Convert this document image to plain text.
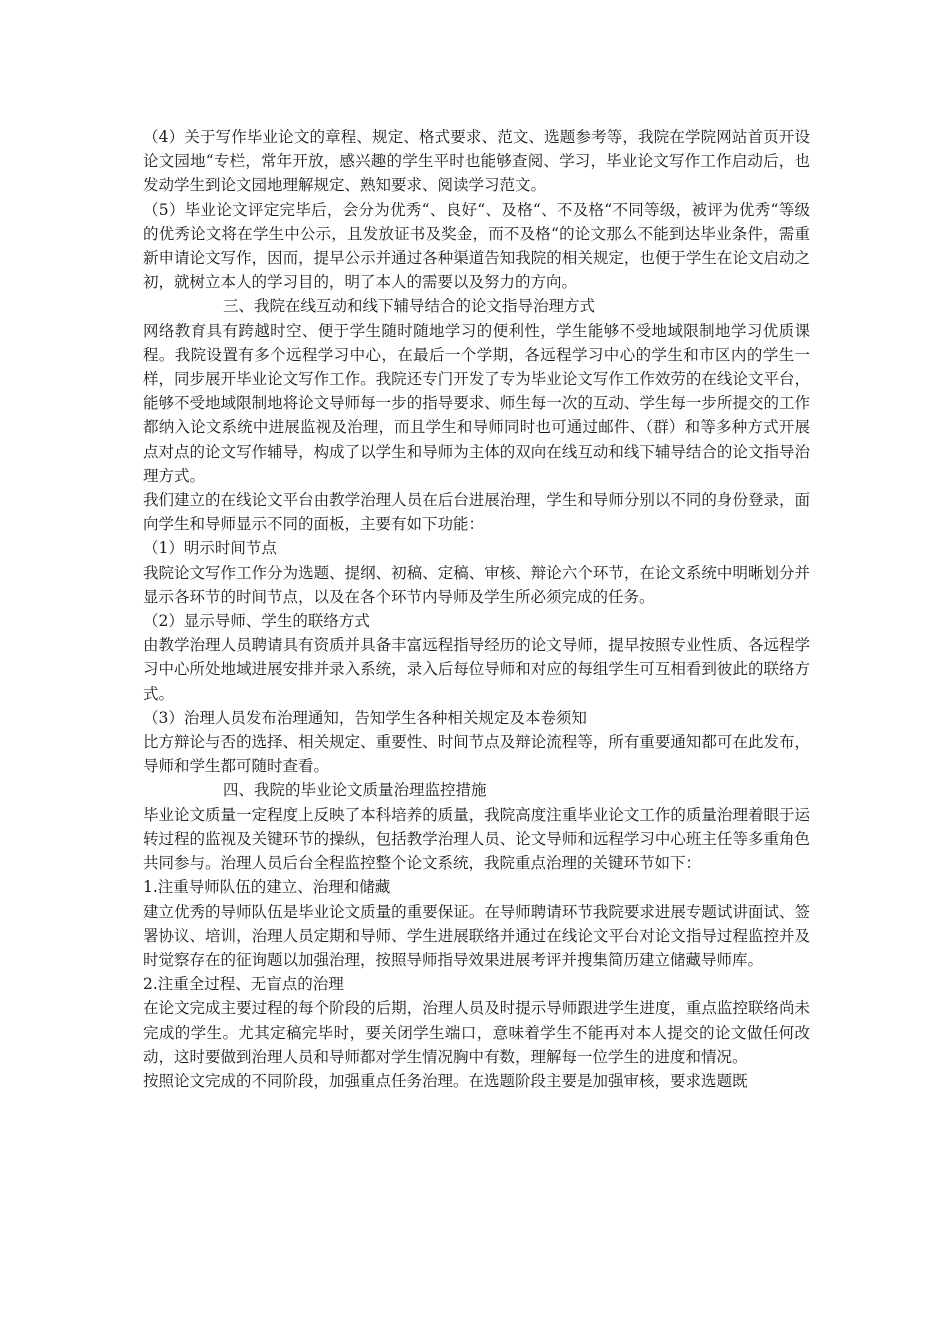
（4）关于写作毕业论文的章程、规定、格式要求、范文、选题参考等，我院在学院网站首页开设论文园地“专栏，常年开放，感兴趣的学生平时也能够查阅、学习，毕业论文写作工作启动后，也发动学生到论文园地理解规定、熟知要求、阅读学习范文。

（5）毕业论文评定完毕后，会分为优秀“、良好“、及格“、不及格“不同等级，被评为优秀“等级的优秀论文将在学生中公示，且发放证书及奖金，而不及格“的论文那么不能到达毕业条件，需重新申请论文写作，因而，提早公示并通过各种渠道告知我院的相关规定，也便于学生在论文启动之初，就树立本人的学习目的，明了本人的需要以及努力的方向。

三、我院在线互动和线下辅导结合的论文指导治理方式

网络教育具有跨越时空、便于学生随时随地学习的便利性，学生能够不受地域限制地学习优质课程。我院设置有多个远程学习中心，在最后一个学期，各远程学习中心的学生和市区内的学生一样，同步展开毕业论文写作工作。我院还专门开发了专为毕业论文写作工作效劳的在线论文平台，能够不受地域限制地将论文导师每一步的指导要求、师生每一次的互动、学生每一步所提交的工作都纳入论文系统中进展监视及治理，而且学生和导师同时也可通过邮件、（群）和等多种方式开展点对点的论文写作辅导，构成了以学生和导师为主体的双向在线互动和线下辅导结合的论文指导治理方式。

我们建立的在线论文平台由教学治理人员在后台进展治理，学生和导师分别以不同的身份登录，面向学生和导师显示不同的面板，主要有如下功能：

（1）明示时间节点

我院论文写作工作分为选题、提纲、初稿、定稿、审核、辩论六个环节，在论文系统中明晰划分并显示各环节的时间节点，以及在各个环节内导师及学生所必须完成的任务。

（2）显示导师、学生的联络方式

由教学治理人员聘请具有资质并具备丰富远程指导经历的论文导师，提早按照专业性质、各远程学习中心所处地域进展安排并录入系统，录入后每位导师和对应的每组学生可互相看到彼此的联络方式。

（3）治理人员发布治理通知，告知学生各种相关规定及本卷须知

比方辩论与否的选择、相关规定、重要性、时间节点及辩论流程等，所有重要通知都可在此发布，导师和学生都可随时查看。

四、我院的毕业论文质量治理监控措施

毕业论文质量一定程度上反映了本科培养的质量，我院高度注重毕业论文工作的质量治理着眼于运转过程的监视及关键环节的操纵，包括教学治理人员、论文导师和远程学习中心班主任等多重角色共同参与。治理人员后台全程监控整个论文系统，我院重点治理的关键环节如下：

1.注重导师队伍的建立、治理和储藏

建立优秀的导师队伍是毕业论文质量的重要保证。在导师聘请环节我院要求进展专题试讲面试、签署协议、培训，治理人员定期和导师、学生进展联络并通过在线论文平台对论文指导过程监控并及时觉察存在的征询题以加强治理，按照导师指导效果进展考评并搜集简历建立储藏导师库。

2.注重全过程、无盲点的治理

在论文完成主要过程的每个阶段的后期，治理人员及时提示导师跟进学生进度，重点监控联络尚未完成的学生。尤其定稿完毕时，要关闭学生端口，意味着学生不能再对本人提交的论文做任何改动，这时要做到治理人员和导师都对学生情况胸中有数，理解每一位学生的进度和情况。

按照论文完成的不同阶段，加强重点任务治理。在选题阶段主要是加强审核，要求选题既
